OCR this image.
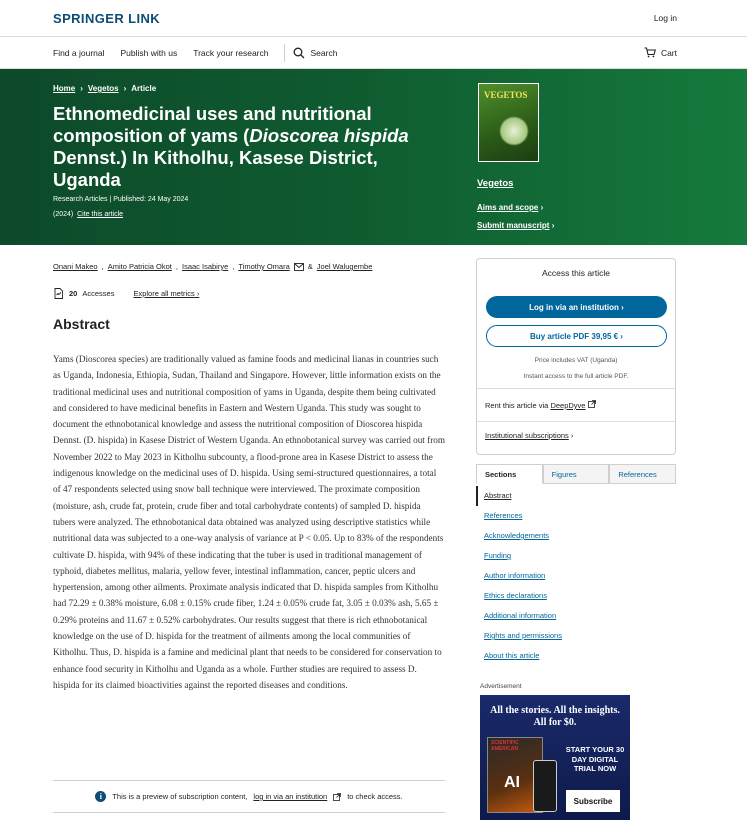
SPRINGER LINK	Log in
Find a journal Publish with us Track your research	Search	Cart
Home › Vegetos › Article
Ethnomedicinal uses and nutritional composition of yams (Dioscorea hispida Dennst.) In Kitholhu, Kasese District, Uganda
Research Articles | Published: 24 May 2024
(2024) Cite this article
VEGETOS
Vegetos
Aims and scope ›
Submit manuscript ›
Onani Makeo , Amito Patricia Okot , Isaac Isabirye , Timothy Omara & Joel Walugembe
20 Accesses	Explore all metrics ›
Abstract

Yams (Dioscorea species) are traditionally valued as famine foods and medicinal lianas in countries such as Uganda, Indonesia, Ethiopia, Sudan, Thailand and Singapore. However, little information exists on the traditional medicinal uses and nutritional composition of yams in Uganda, despite them being cultivated and considered to have medicinal benefits in Eastern and Western Uganda. This study was sought to document the ethnobotanical knowledge and assess the nutritional composition of Dioscorea hispida Dennst. (D. hispida) in Kasese District of Western Uganda. An ethnobotanical survey was carried out from November 2022 to May 2023 in Kitholhu subcounty, a flood-prone area in Kasese District to assess the indigenous knowledge on the medicinal uses of D. hispida. Using semi-structured questionnaires, a total of 47 respondents selected using snow ball technique were interviewed. The proximate composition (moisture, ash, crude fat, protein, crude fiber and total carbohydrate contents) of sampled D. hispida tubers were analyzed. The ethnobotanical data obtained was analyzed using descriptive statistics while nutritional data was subjected to a one-way analysis of variance at P < 0.05. Up to 83% of the respondents cultivate D. hispida, with 94% of these indicating that the tuber is used in traditional management of typhoid, diabetes mellitus, malaria, yellow fever, intestinal inflammation, cancer, peptic ulcers and hypertension, among other ailments. Proximate analysis indicated that D. hispida samples from Kitholhu had 72.29 ± 0.38% moisture, 6.08 ± 0.15% crude fiber, 1.24 ± 0.05% crude fat, 3.05 ± 0.03% ash, 5.65 ± 0.29% proteins and 11.67 ± 0.52% carbohydrates. Our results suggest that there is rich ethnobotanical knowledge on the use of D. hispida for the treatment of ailments among the local communities of Kitholhu. Thus, D. hispida is a famine and medicinal plant that needs to be considered for conservation to enhance food security in Kitholhu and Uganda as a whole. Further studies are required to assess D. hispida for its claimed bioactivities against the reported diseases and conditions.

i	This is a preview of subscription content, log in via an institution	to check access.
Access this article
Log in via an institution ›
Buy article PDF 39,95 € ›
Price includes VAT (Uganda)
Instant access to the full article PDF.
Rent this article via DeepDyve
Institutional subscriptions ›
Sections	Figures	References
Abstract
References
Acknowledgements
Funding
Author information
Ethics declarations
Additional information
Rights and permissions
About this article
Advertisement
All the stories. All the insights.
All for $0.
SCIENTIFIC AMERICAN
AI
START YOUR 30 DAY DIGITAL TRIAL NOW
Subscribe
